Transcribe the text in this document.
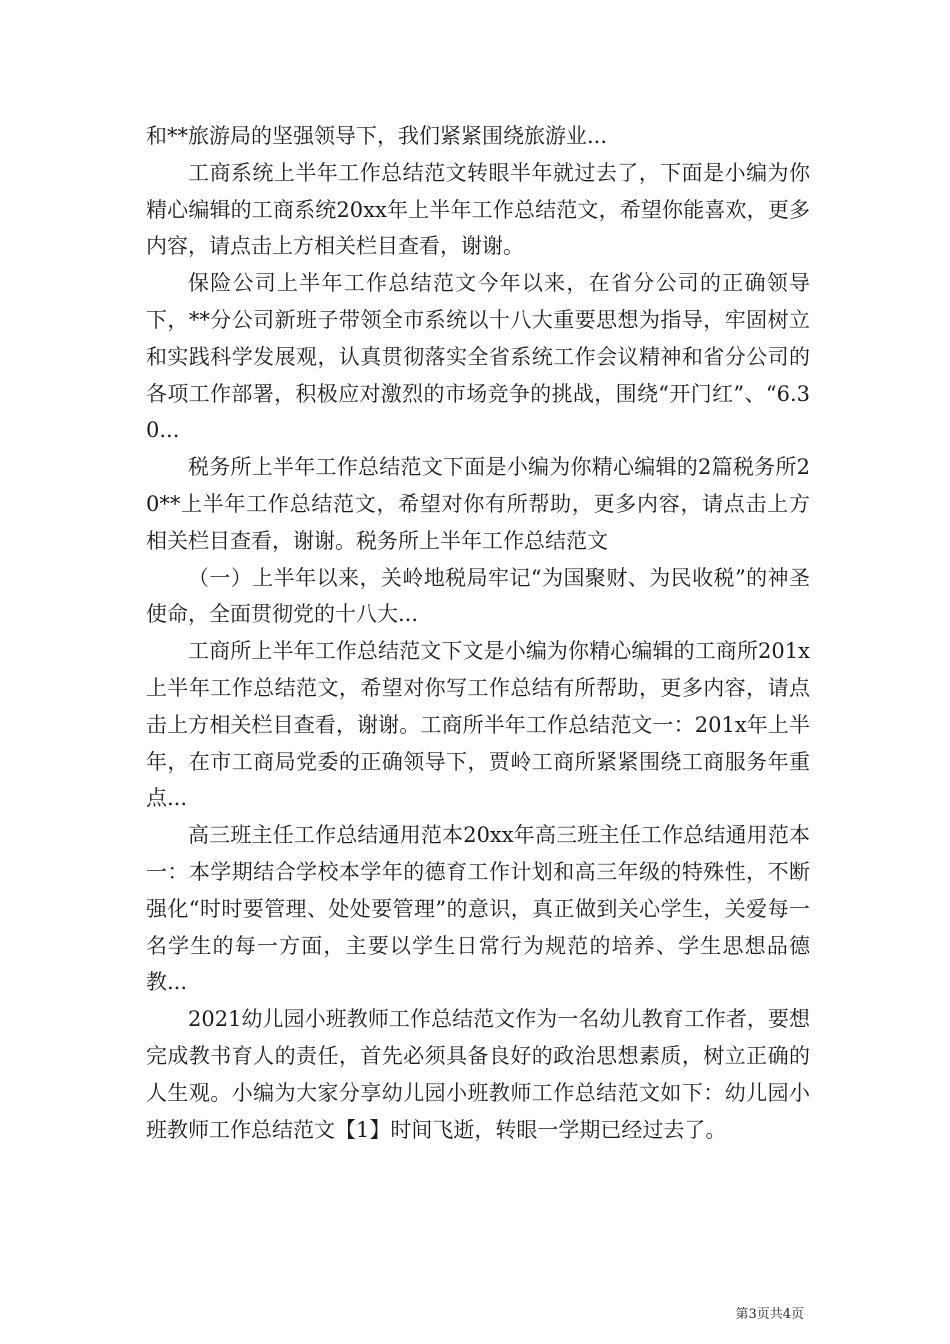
和**旅游局的坚强领导下，我们紧紧围绕旅游业...

工商系统上半年工作总结范文转眼半年就过去了，下面是小编为你精心编辑的工商系统20xx年上半年工作总结范文，希望你能喜欢，更多内容，请点击上方相关栏目查看，谢谢。

保险公司上半年工作总结范文今年以来，在省分公司的正确领导下，**分公司新班子带领全市系统以十八大重要思想为指导，牢固树立和实践科学发展观，认真贯彻落实全省系统工作会议精神和省分公司的各项工作部署，积极应对激烈的市场竞争的挑战，围绕“开门红”、“6.30...

税务所上半年工作总结范文下面是小编为你精心编辑的2篇税务所20**上半年工作总结范文，希望对你有所帮助，更多内容，请点击上方相关栏目查看，谢谢。税务所上半年工作总结范文

（一）上半年以来，关岭地税局牢记“为国聚财、为民收税”的神圣使命，全面贯彻党的十八大...

工商所上半年工作总结范文下文是小编为你精心编辑的工商所201x上半年工作总结范文，希望对你写工作总结有所帮助，更多内容，请点击上方相关栏目查看，谢谢。工商所半年工作总结范文一：201x年上半年，在市工商局党委的正确领导下，贾岭工商所紧紧围绕工商服务年重点...

高三班主任工作总结通用范本20xx年高三班主任工作总结通用范本一：本学期结合学校本学年的德育工作计划和高三年级的特殊性，不断强化“时时要管理、处处要管理”的意识，真正做到关心学生，关爱每一名学生的每一方面，主要以学生日常行为规范的培养、学生思想品德教...

2021幼儿园小班教师工作总结范文作为一名幼儿教育工作者，要想完成教书育人的责任，首先必须具备良好的政治思想素质，树立正确的人生观。小编为大家分享幼儿园小班教师工作总结范文如下：幼儿园小班教师工作总结范文【1】时间飞逝，转眼一学期已经过去了。

第3页共4页
